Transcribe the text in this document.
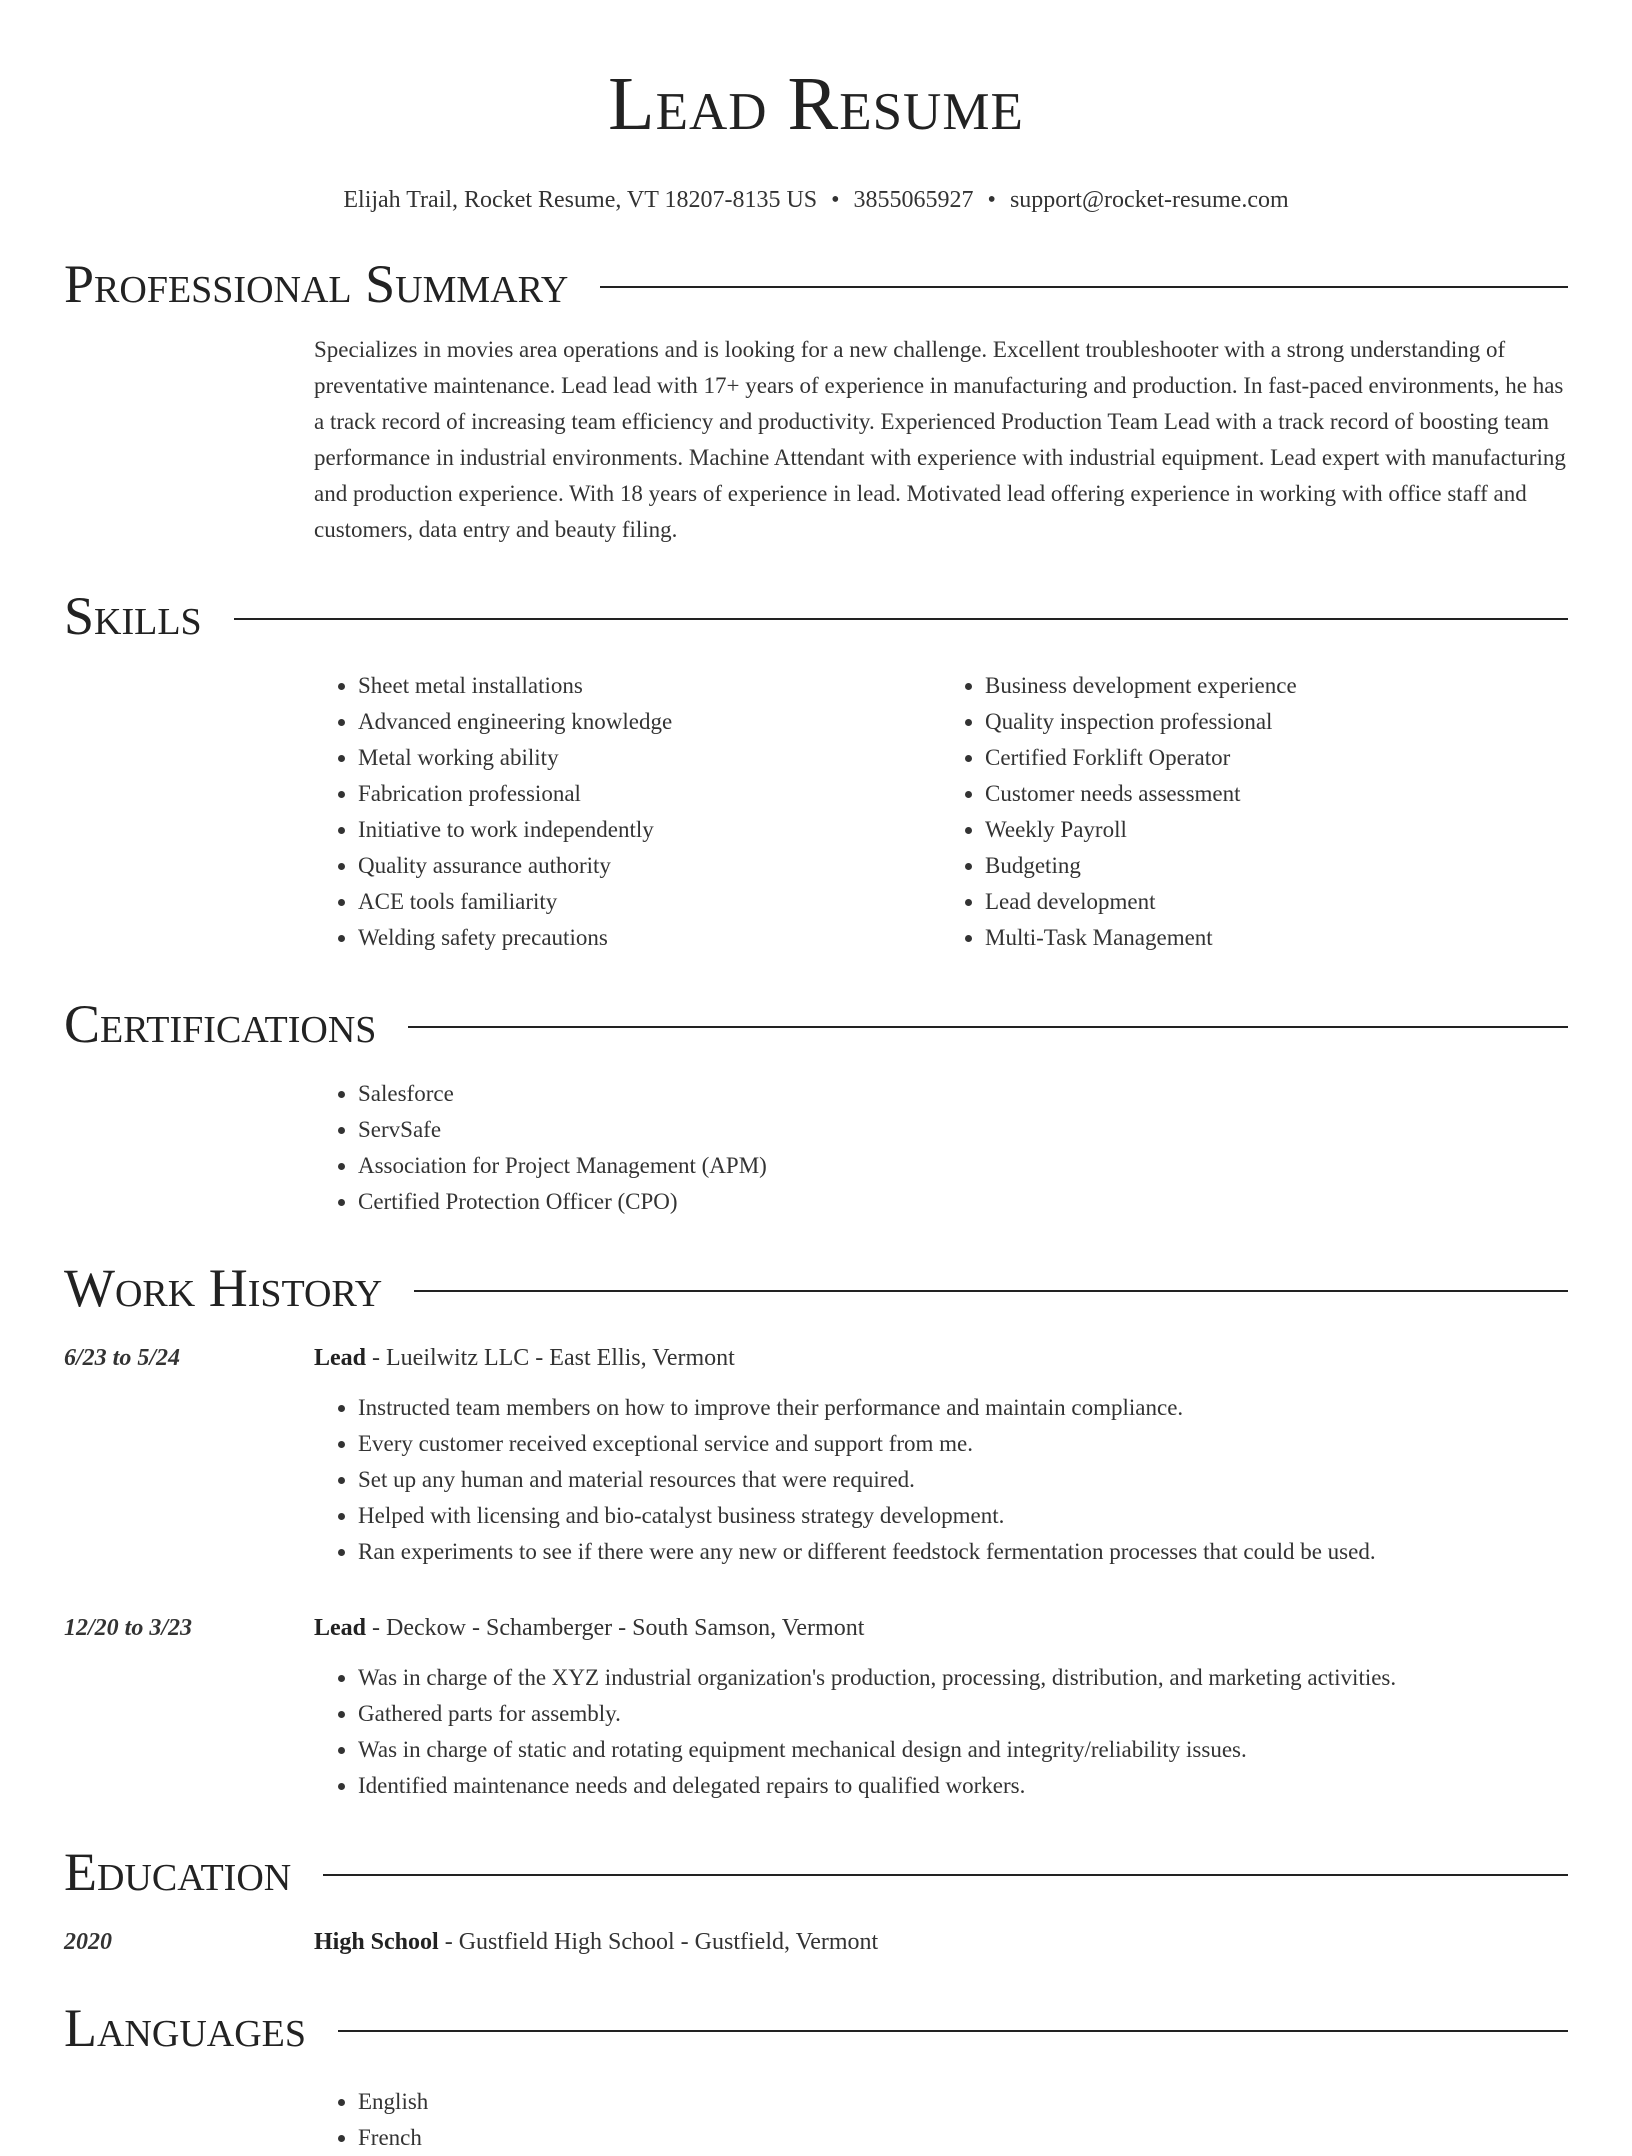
Lead Resume
Elijah Trail, Rocket Resume, VT 18207-8135 US • 3855065927 • support@rocket-resume.com
Professional Summary
Specializes in movies area operations and is looking for a new challenge. Excellent troubleshooter with a strong understanding of preventative maintenance. Lead lead with 17+ years of experience in manufacturing and production. In fast-paced environments, he has a track record of increasing team efficiency and productivity. Experienced Production Team Lead with a track record of boosting team performance in industrial environments. Machine Attendant with experience with industrial equipment. Lead expert with manufacturing and production experience. With 18 years of experience in lead. Motivated lead offering experience in working with office staff and customers, data entry and beauty filing.
Skills
• Sheet metal installations
• Advanced engineering knowledge
• Metal working ability
• Fabrication professional
• Initiative to work independently
• Quality assurance authority
• ACE tools familiarity
• Welding safety precautions
• Business development experience
• Quality inspection professional
• Certified Forklift Operator
• Customer needs assessment
• Weekly Payroll
• Budgeting
• Lead development
• Multi-Task Management
Certifications
• Salesforce
• ServSafe
• Association for Project Management (APM)
• Certified Protection Officer (CPO)
Work History
6/23 to 5/24	Lead - Lueilwitz LLC - East Ellis, Vermont
• Instructed team members on how to improve their performance and maintain compliance.
• Every customer received exceptional service and support from me.
• Set up any human and material resources that were required.
• Helped with licensing and bio-catalyst business strategy development.
• Ran experiments to see if there were any new or different feedstock fermentation processes that could be used.
12/20 to 3/23	Lead - Deckow - Schamberger - South Samson, Vermont
• Was in charge of the XYZ industrial organization's production, processing, distribution, and marketing activities.
• Gathered parts for assembly.
• Was in charge of static and rotating equipment mechanical design and integrity/reliability issues.
• Identified maintenance needs and delegated repairs to qualified workers.
Education
2020	High School - Gustfield High School - Gustfield, Vermont
Languages
• English
• French
